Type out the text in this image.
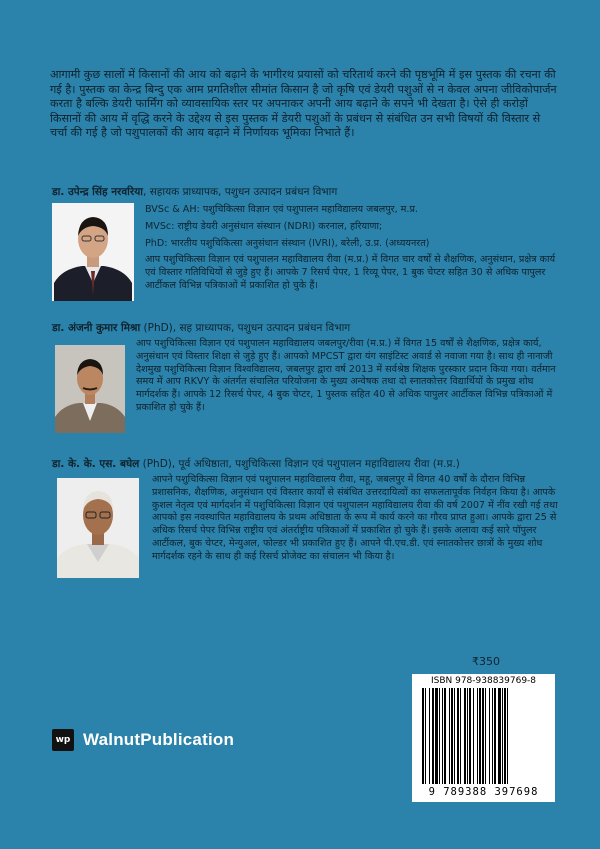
आगामी कुछ सालों में किसानों की आय को बढ़ाने के भागीरथ प्रयासों को चरितार्थ करने की पृष्ठभूमि में इस पुस्तक की रचना की गई है। पुस्तक का केन्द्र बिन्दु एक आम प्रगतिशील सीमांत किसान है जो कृषि एवं डेयरी पशुओं से न केवल अपना जीविकोपार्जन करता है बल्कि डेयरी फार्मिंग को व्यावसायिक स्तर पर अपनाकर अपनी आय बढ़ाने के सपने भी देखता है। ऐसे ही करोड़ों किसानों की आय में वृद्धि करने के उद्देश्य से इस पुस्तक में डेयरी पशुओं के प्रबंधन से संबंधित उन सभी विषयों की विस्तार से चर्चा की गई है जो पशुपालकों की आय बढ़ाने में निर्णायक भूमिका निभाते हैं।
डा. उपेन्द्र सिंह नरवरिया, सहायक प्राध्यापक, पशुधन उत्पादन प्रबंधन विभाग

BVSc & AH: पशुचिकित्सा विज्ञान एवं पशुपालन महाविद्यालय जबलपुर, म.प्र.

MVSc: राष्ट्रीय डेयरी अनुसंधान संस्थान (NDRI) करनाल, हरियाणा;

PhD: भारतीय पशुचिकित्सा अनुसंधान संस्थान (IVRI), बरेली, उ.प्र. (अध्ययनरत)

आप पशुचिकित्सा विज्ञान एवं पशुपालन महाविद्यालय रीवा (म.प्र.) में विगत चार वर्षों से शैक्षणिक, अनुसंधान, प्रक्षेत्र कार्य एवं विस्तार गतिविधियों से जुड़े हुए हैं। आपके 7 रिसर्च पेपर, 1 रिव्यू पेपर, 1 बुक चेप्टर सहित 30 से अधिक पापुलर आर्टीकल विभिन्न पत्रिकाओं में प्रकाशित हो चुके हैं।

डा. अंजनी कुमार मिश्रा (PhD), सह प्राध्यापक, पशुधन उत्पादन प्रबंधन विभाग

आप पशुचिकित्सा विज्ञान एवं पशुपालन महाविद्यालय जबलपुर/रीवा (म.प्र.) में विगत 15 वर्षों से शैक्षणिक, प्रक्षेत्र कार्य, अनुसंधान एवं विस्तार शिक्षा से जुड़े हुए हैं। आपको MPCST द्वारा यंग साइंटिस्ट अवार्ड से नवाजा गया है। साथ ही नानाजी देशमुख पशुचिकित्सा विज्ञान विश्वविद्यालय, जबलपुर द्वारा वर्ष 2013 में सर्वश्रेष्ठ शिक्षक पुरस्कार प्रदान किया गया। वर्तमान समय में आप RKVY के अंतर्गत संचालित परियोजना के मुख्य अन्वेषक तथा दो स्नातकोत्तर विद्यार्थियों के प्रमुख शोध मार्गदर्शक हैं। आपके 12 रिसर्च पेपर, 4 बुक चेप्टर, 1 पुस्तक सहित 40 से अधिक पापुलर आर्टीकल विभिन्न पत्रिकाओं में प्रकाशित हो चुके हैं।

डा. के. के. एस. बघेल (PhD), पूर्व अधिष्ठाता, पशुचिकित्सा विज्ञान एवं पशुपालन महाविद्यालय रीवा (म.प्र.)

आपने पशुचिकित्सा विज्ञान एवं पशुपालन महाविद्यालय रीवा, महू, जबलपुर में विगत 40 वर्षों के दौरान विभिन्न प्रशासनिक, शैक्षणिक, अनुसंधान एवं विस्तार कार्यों से संबंधित उत्तरदायित्वों का सफलतापूर्वक निर्वहन किया है। आपके कुशल नेतृत्व एवं मार्गदर्शन में पशुचिकित्सा विज्ञान एवं पशुपालन महाविद्यालय रीवा की वर्ष 2007 में नींव रखी गई तथा आपको इस नवस्थापित महाविद्यालय के प्रथम अधिष्ठाता के रूप में कार्य करने का गौरव प्राप्त हुआ। आपके द्वारा 25 से अधिक रिसर्च पेपर विभिन्न राष्ट्रीय एवं अंतर्राष्ट्रीय पत्रिकाओं में प्रकाशित हो चुके हैं। इसके अलावा कई सारे पॉपुलर आर्टीकल, बुक चेप्टर, मेन्युअल, फोल्डर भी प्रकाशित हुए हैं। आपने पी.एच.डी. एवं स्नातकोत्तर छात्रों के मुख्य शोध मार्गदर्शक रहने के साथ ही कई रिसर्च प्रोजेक्ट का संचालन भी किया है।

₹350
ISBN 978-938839769-8
9 789388 397698
wp WalnutPublication
